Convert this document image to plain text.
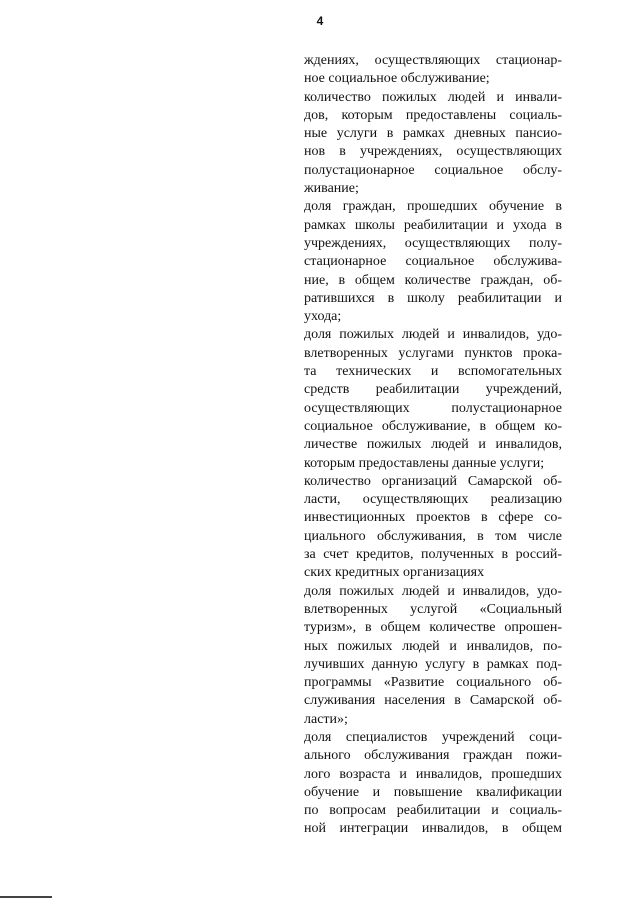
4
ждениях, осуществляющих стационар-
ное социальное обслуживание;
количество пожилых людей и инвали-
дов, которым предоставлены социаль-
ные услуги в рамках дневных пансио-
нов в учреждениях, осуществляющих
полустационарное социальное обслу-
живание;
доля граждан, прошедших обучение в
рамках школы реабилитации и ухода в
учреждениях, осуществляющих полу-
стационарное социальное обслужива-
ние, в общем количестве граждан, об-
ратившихся в школу реабилитации и
ухода;
доля пожилых людей и инвалидов, удо-
влетворенных услугами пунктов прока-
та технических и вспомогательных
средств реабилитации учреждений,
осуществляющих полустационарное
социальное обслуживание, в общем ко-
личестве пожилых людей и инвалидов,
которым предоставлены данные услуги;
количество организаций Самарской об-
ласти, осуществляющих реализацию
инвестиционных проектов в сфере со-
циального обслуживания, в том числе
за счет кредитов, полученных в россий-
ских кредитных организациях
доля пожилых людей и инвалидов, удо-
влетворенных услугой «Социальный
туризм», в общем количестве опрошен-
ных пожилых людей и инвалидов, по-
лучивших данную услугу в рамках под-
программы «Развитие социального об-
служивания населения в Самарской об-
ласти»;
доля специалистов учреждений соци-
ального обслуживания граждан пожи-
лого возраста и инвалидов, прошедших
обучение и повышение квалификации
по вопросам реабилитации и социаль-
ной интеграции инвалидов, в общем
